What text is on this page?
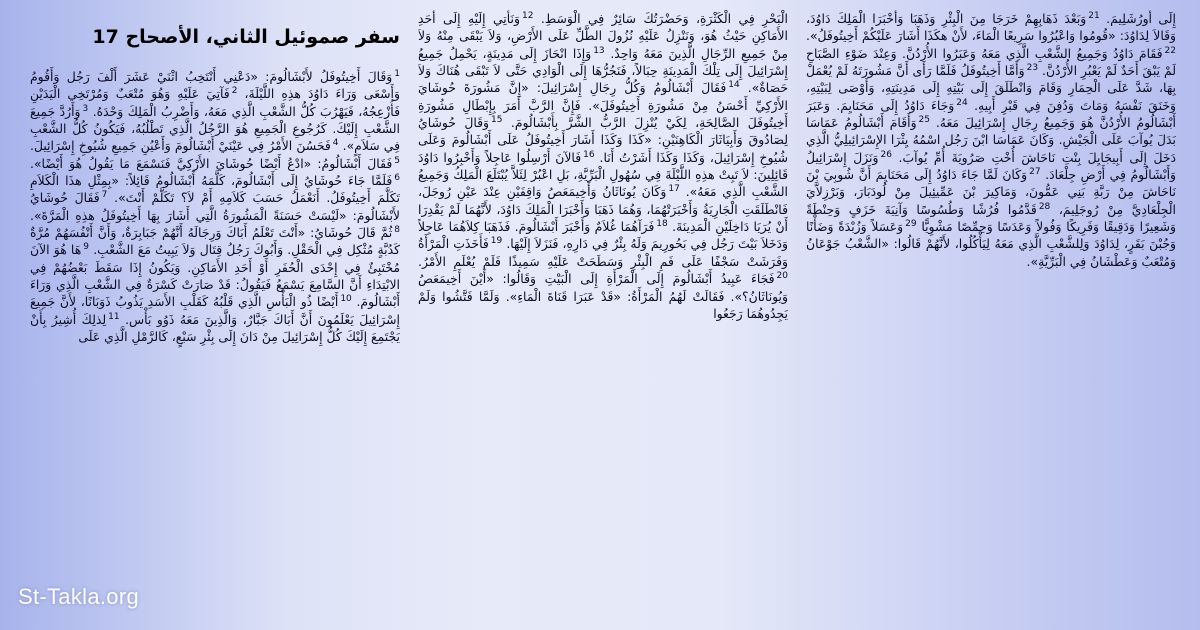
سفر صموئيل الثاني، الأصحاح 17
$^1$وَقَالَ أَخِيتُوفَلُ لأَبْشَالُومَ: «دَعْنِي أَنْتَخِبُ اثْنَيْ عَشَرَ أَلْفَ رَجُل وَأَقُومُ وَأَسْعَى وَرَاءَ دَاوُدَ هذِهِ اللَّيْلَةَ، $^2$فَآتِيَ عَلَيْهِ وَهُوَ مُتْعَبٌ وَمُرْتَخِي الْيَدَيْنِ فَأُزْعِجُهُ، فَيَهْرُبَ كُلُّ الشَّعْبِ الَّذِي مَعَهُ، وَأَضْرِبُ الْمَلِكَ وَحْدَهُ. $^3$وَأَرُدَّ جَمِيعَ الشَّعْبِ إِلَيْكَ. كَرُجُوعِ الْجَمِيعِ هُوَ الرَّجُلُ الَّذِي تَطْلُبُهُ، فَيَكُونُ كُلُّ الشَّعْبِ فِي سَلاَمٍ». $^4$فَحَسُنَ الأَمْرُ فِي عَيْنَيْ أَبْشَالُومَ وَأَعْيُنِ جَمِيعِ شُيُوخِ إِسْرَائِيلَ. $^5$فَقَالَ أَبْشَالُومُ: «ادْعُ أَيْضًا حُوشَايَ الأَرْكِيَّ فَنَسْمَعَ مَا يَقُولُ هُوَ أَيْضًا». $^6$فَلَمَّا جَاءَ حُوشَايُ إِلَى أَبْشَالُومَ، كَلَّمَهُ أَبْشَالُومُ قَائِلاً: «بِمِثْلِ هذَا الْكَلاَمِ تَكَلَّمَ أَخِيتُوفَلُ. أَنَعْمَلُ حَسَبَ كَلاَمِهِ أَمْ لاَ؟ تَكَلَّمْ أَنْتَ». $^7$فَقَالَ حُوشَايُ لأَبْشَالُومَ: «لَيْسَتْ حَسَنَةً الْمَشُورَةُ الَّتِي أَشَارَ بِهَا أَخِيتُوفَلُ هذِهِ الْمَرَّةَ». $^8$ثُمَّ قَالَ حُوشَايُ: «أَنْتَ تَعْلَمُ أَبَاكَ وَرِجَالَهُ أَنَّهُمْ جَبَابِرَةٌ، وَأَنَّ أَنْفُسَهُمْ مُرَّةٌ كَدُبَّةٍ مُثْكِل فِي الْحَقْلِ. وَأَبُوكَ رَجُلُ قِتَال وَلاَ يَبِيتُ مَعَ الشَّعْبِ. $^9$هَا هُوَ الآنَ مُخْتَبِئٌ فِي إِحْدَى الْحُفَرِ أَوْ أَحَدِ الأَمَاكِنِ. وَيَكُونُ إِذَا سَقَطَ بَعْضُهُمْ فِي الابْتِدَاءِ أَنَّ السَّامِعَ يَسْمَعُ فَيَقُولُ: قَدْ صَارَتْ كَسْرَةٌ فِي الشَّعْبِ الَّذِي وَرَاءَ أَبْشَالُومَ. $^{10}$أَيْضًا ذُو الْبَأْسِ الَّذِي قَلْبُهُ كَقَلْبِ الأَسَدِ يَذُوبُ ذَوَبَانًا، لأَنَّ جَمِيعَ إِسْرَائِيلَ يَعْلَمُونَ أَنَّ أَبَاكَ جَبَّارٌ، وَالَّذِينَ مَعَهُ ذَوُو بَأْس. $^{11}$لِذلِكَ أُشِيرُ بِأَنْ يَجْتَمِعَ إِلَيْكَ كُلُّ إِسْرَائِيلَ مِنْ دَانَ إِلَى بِئْرِ سَبْعٍ، كَالرَّمْلِ الَّذِي عَلَى
الْبَحْرِ فِي الْكَثْرَةِ، وَحَضْرَتُكَ سَائِرٌ فِي الْوَسَطِ. $^{12}$وَنَأْتِي إِلَيْهِ إِلَى أَحَدِ الأَمَاكِنِ حَيْثُ هُوَ، وَنَنْزِلُ عَلَيْهِ نُزُولَ الطَّلِّ عَلَى الأَرْضِ، وَلاَ يَبْقَى مِنْهُ وَلاَ مِنْ جَمِيعِ الرِّجَالِ الَّذِينَ مَعَهُ وَاحِدٌ. $^{13}$وَإِذَا انْحَازَ إِلَى مَدِينَةٍ، يَحْمِلُ جَمِيعُ إِسْرَائِيلَ إِلَى تِلْكَ الْمَدِينَةِ حِبَالاً، فَنَجُرُّهَا إِلَى الْوَادِي حَتَّى لاَ تَبْقَى هُنَاكَ وَلاَ حَصَاةٌ». $^{14}$فَقَالَ أَبْشَالُومُ وَكُلُّ رِجَالِ إِسْرَائِيلَ: «إِنَّ مَشُورَةَ حُوشَايَ الأَرْكِيِّ أَحْسَنُ مِنْ مَشُورَةِ أَخِيتُوفَلَ». فَإِنَّ الرَّبَّ أَمَرَ بِإِبْطَالِ مَشُورَةِ أَخِيتُوفَلَ الصَّالِحَةِ، لِكَيْ يُنْزِلَ الرَّبُّ الشَّرَّ بِأَبْشَالُومَ. $^{15}$وَقَالَ حُوشَايُ لِصَادُوقَ وَأَبِيَاثَارَ الْكَاهِنَيْنِ: «كَذَا وَكَذَا أَشَارَ أَخِيتُوفَلُ عَلَى أَبْشَالُومَ وَعَلَى شُيُوخِ إِسْرَائِيلَ، وَكَذَا وَكَذَا أَشَرْتُ أَنَا. $^{16}$فَالآنَ أَرْسِلُوا عَاجِلاً وَأَخْبِرُوا دَاوُدَ قَائِلِينَ: لاَ تَبِتْ هذِهِ اللَّيْلَةَ فِي سُهُولِ الْبَرِّيَّةِ، بَلِ اعْبُرْ لِئَلاَّ يُبْتَلَعَ الْمَلِكُ وَجَمِيعُ الشَّعْبِ الَّذِي مَعَهُ». $^{17}$وَكَانَ يُونَاثَانُ وَأَخِيمَعَصُ وَاقِفَيْنِ عِنْدَ عَيْنِ رُوجَلَ، فَانْطَلَقَتِ الْجَارِيَةُ وَأَخْبَرَتْهُمَا، وَهُمَا ذَهَبَا وَأَخْبَرَا الْمَلِكَ دَاوُدَ، لأَنَّهُمَا لَمْ يَقْدِرَا أَنْ يُرَيَا دَاخِلَيْنِ الْمَدِينَةَ. $^{18}$فَرَآهُمَا غُلاَمٌ وَأَخْبَرَ أَبْشَالُومَ. فَذَهَبَا كِلاَهُمَا عَاجِلاً وَدَخَلاَ بَيْتَ رَجُل فِي بَحُورِيمَ وَلَهُ بِئْرٌ فِي دَارِهِ، فَنَزَلاَ إِلَيْهَا. $^{19}$فَأَخَذَتِ الْمَرْأَةُ وَفَرَشَتْ سَجْفًا عَلَى فَمِ الْبِئْرِ وَسَطَحَتْ عَلَيْهِ سَمِيذًا فَلَمْ يُعْلَمِ الأَمْرُ. $^{20}$فَجَاءَ عَبِيدُ أَبْشَالُومَ إِلَى الْمَرْأَةِ إِلَى الْبَيْتِ وَقَالُوا: «أَيْنَ أَخِيمَعَصُ وَيُونَاثَانُ؟». فَقَالَتْ لَهُمُ الْمَرْأَةُ: «قَدْ عَبَرَا قَنَاةَ الْمَاءِ». وَلَمَّا فَتَّشُوا وَلَمْ يَجِدُوهُمَا رَجَعُوا
إِلَى أُورُشَلِيمَ. $^{21}$وَبَعْدَ ذَهَابِهِمْ خَرَجَا مِنَ الْبِئْرِ وَذَهَبَا وَأَخْبَرَا الْمَلِكَ دَاوُدَ، وَقَالاَ لِدَاوُدَ: «قُومُوا وَاعْبُرُوا سَرِيعًا الْمَاءَ، لأَنْ هكَذَا أَشَارَ عَلَيْكُمْ أَخِيتُوفَلُ». $^{22}$فَقَامَ دَاوُدُ وَجَمِيعُ الشَّعْبِ الَّذِي مَعَهُ وَعَبَرُوا الأُرْدُنَّ. وَعِنْدَ ضَوْءِ الصَّبَاحِ لَمْ يَبْقَ أَحَدٌ لَمْ يَعْبُرِ الأُرْدُنَّ. $^{23}$وَأَمَّا أَخِيتُوفَلُ فَلَمَّا رَأَى أَنَّ مَشُورَتَهُ لَمْ يُعْمَلْ بِهَا، شَدَّ عَلَى الْحِمَارِ وَقَامَ وَانْطَلَقَ إِلَى بَيْتِهِ إِلَى مَدِينَتِهِ، وَأَوْصَى لِبَيْتِهِ، وَخَنَقَ نَفْسَهُ وَمَاتَ وَدُفِنَ فِي قَبْرِ أَبِيهِ. $^{24}$وَجَاءَ دَاوُدُ إِلَى مَحَنَايِمَ. وَعَبَرَ أَبْشَالُومُ الأُرْدُنَّ هُوَ وَجَمِيعُ رِجَالِ إِسْرَائِيلَ مَعَهُ. $^{25}$وَأَقَامَ أَبْشَالُومُ عَمَاسَا بَدَلَ يُوآبَ عَلَى الْجَيْشِ. وَكَانَ عَمَاسَا ابْنَ رَجُل اسْمُهُ يِثْرَا الإِسْرَائِيلِيُّ الَّذِي دَخَلَ إِلَى أَبِيجَايِلَ بِنْتِ نَاحَاشَ أُخْتِ صَرُويَةَ أُمِّ يُوآبَ. $^{26}$وَنَزَلَ إِسْرَائِيلُ وَأَبْشَالُومُ فِي أَرْضِ جِلْعَادَ. $^{27}$وَكَانَ لَمَّا جَاءَ دَاوُدُ إِلَى مَحَنَايِمَ أَنَّ شُوبِيَ بْنَ نَاحَاشَ مِنْ رَبَّةِ بَنِي عَمُّونَ، وَمَاكِيرَ بْنَ عَمِّيئِيلَ مِنْ لُودَبَارَ، وَبَرْزِلاَّيَ الْجِلْعَادِيَّ مِنْ رُوجَلِيمَ، $^{28}$قَدَّمُوا فُرُشًا وَطُسُوسًا وَآنِيَةَ خَزَفٍ وَحِنْطَةً وَشَعِيرًا وَدَقِيقًا وَفَرِيكًا وَفُولاً وَعَدَسًا وَحِمِّصًا مَشْوِيًّا $^{29}$وَعَسَلاً وَزُبْدَةً وَضَأْنًا وَجُبْنَ بَقَرٍ، لِدَاوُدَ وَلِلشَّعْبِ الَّذِي مَعَهُ لِيَأْكُلُوا، لأَنَّهُمْ قَالُوا: «الشَّعْبُ جَوْعَانُ وَمُتْعَبٌ وَعَطْشَانُ فِي الْبَرِّيَّةِ».
St-Takla.org
